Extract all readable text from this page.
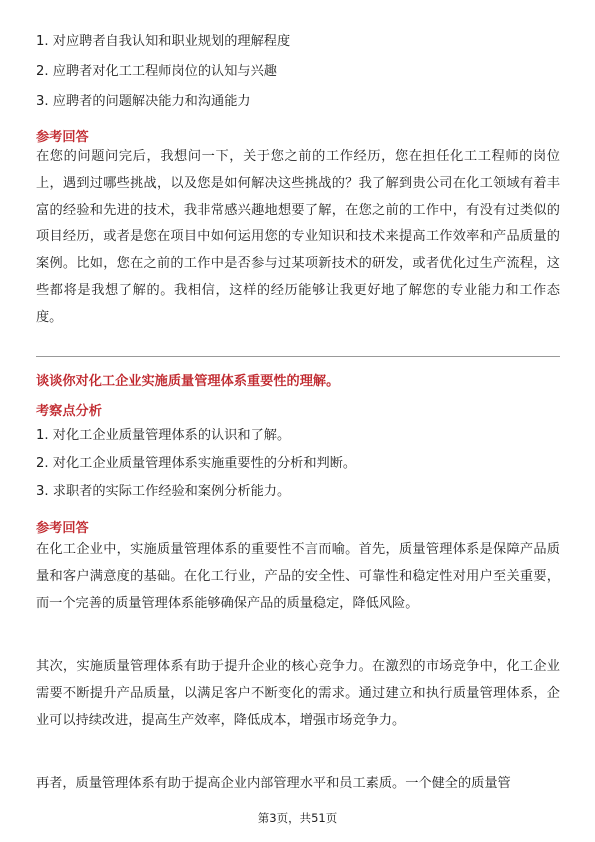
1. 对应聘者自我认知和职业规划的理解程度
2. 应聘者对化工工程师岗位的认知与兴趣
3. 应聘者的问题解决能力和沟通能力
参考回答
在您的问题问完后，我想问一下，关于您之前的工作经历，您在担任化工工程师的岗位上，遇到过哪些挑战，以及您是如何解决这些挑战的？我了解到贵公司在化工领域有着丰富的经验和先进的技术，我非常感兴趣地想要了解，在您之前的工作中，有没有过类似的项目经历，或者是您在项目中如何运用您的专业知识和技术来提高工作效率和产品质量的案例。比如，您在之前的工作中是否参与过某项新技术的研发，或者优化过生产流程，这些都将是我想了解的。我相信，这样的经历能够让我更好地了解您的专业能力和工作态度。
谈谈你对化工企业实施质量管理体系重要性的理解。
考察点分析
1. 对化工企业质量管理体系的认识和了解。
2. 对化工企业质量管理体系实施重要性的分析和判断。
3. 求职者的实际工作经验和案例分析能力。
参考回答
在化工企业中，实施质量管理体系的重要性不言而喻。首先，质量管理体系是保障产品质量和客户满意度的基础。在化工行业，产品的安全性、可靠性和稳定性对用户至关重要，而一个完善的质量管理体系能够确保产品的质量稳定，降低风险。
其次，实施质量管理体系有助于提升企业的核心竞争力。在激烈的市场竞争中，化工企业需要不断提升产品质量，以满足客户不断变化的需求。通过建立和执行质量管理体系，企业可以持续改进，提高生产效率，降低成本，增强市场竞争力。
再者，质量管理体系有助于提高企业内部管理水平和员工素质。一个健全的质量管
第3页，共51页
